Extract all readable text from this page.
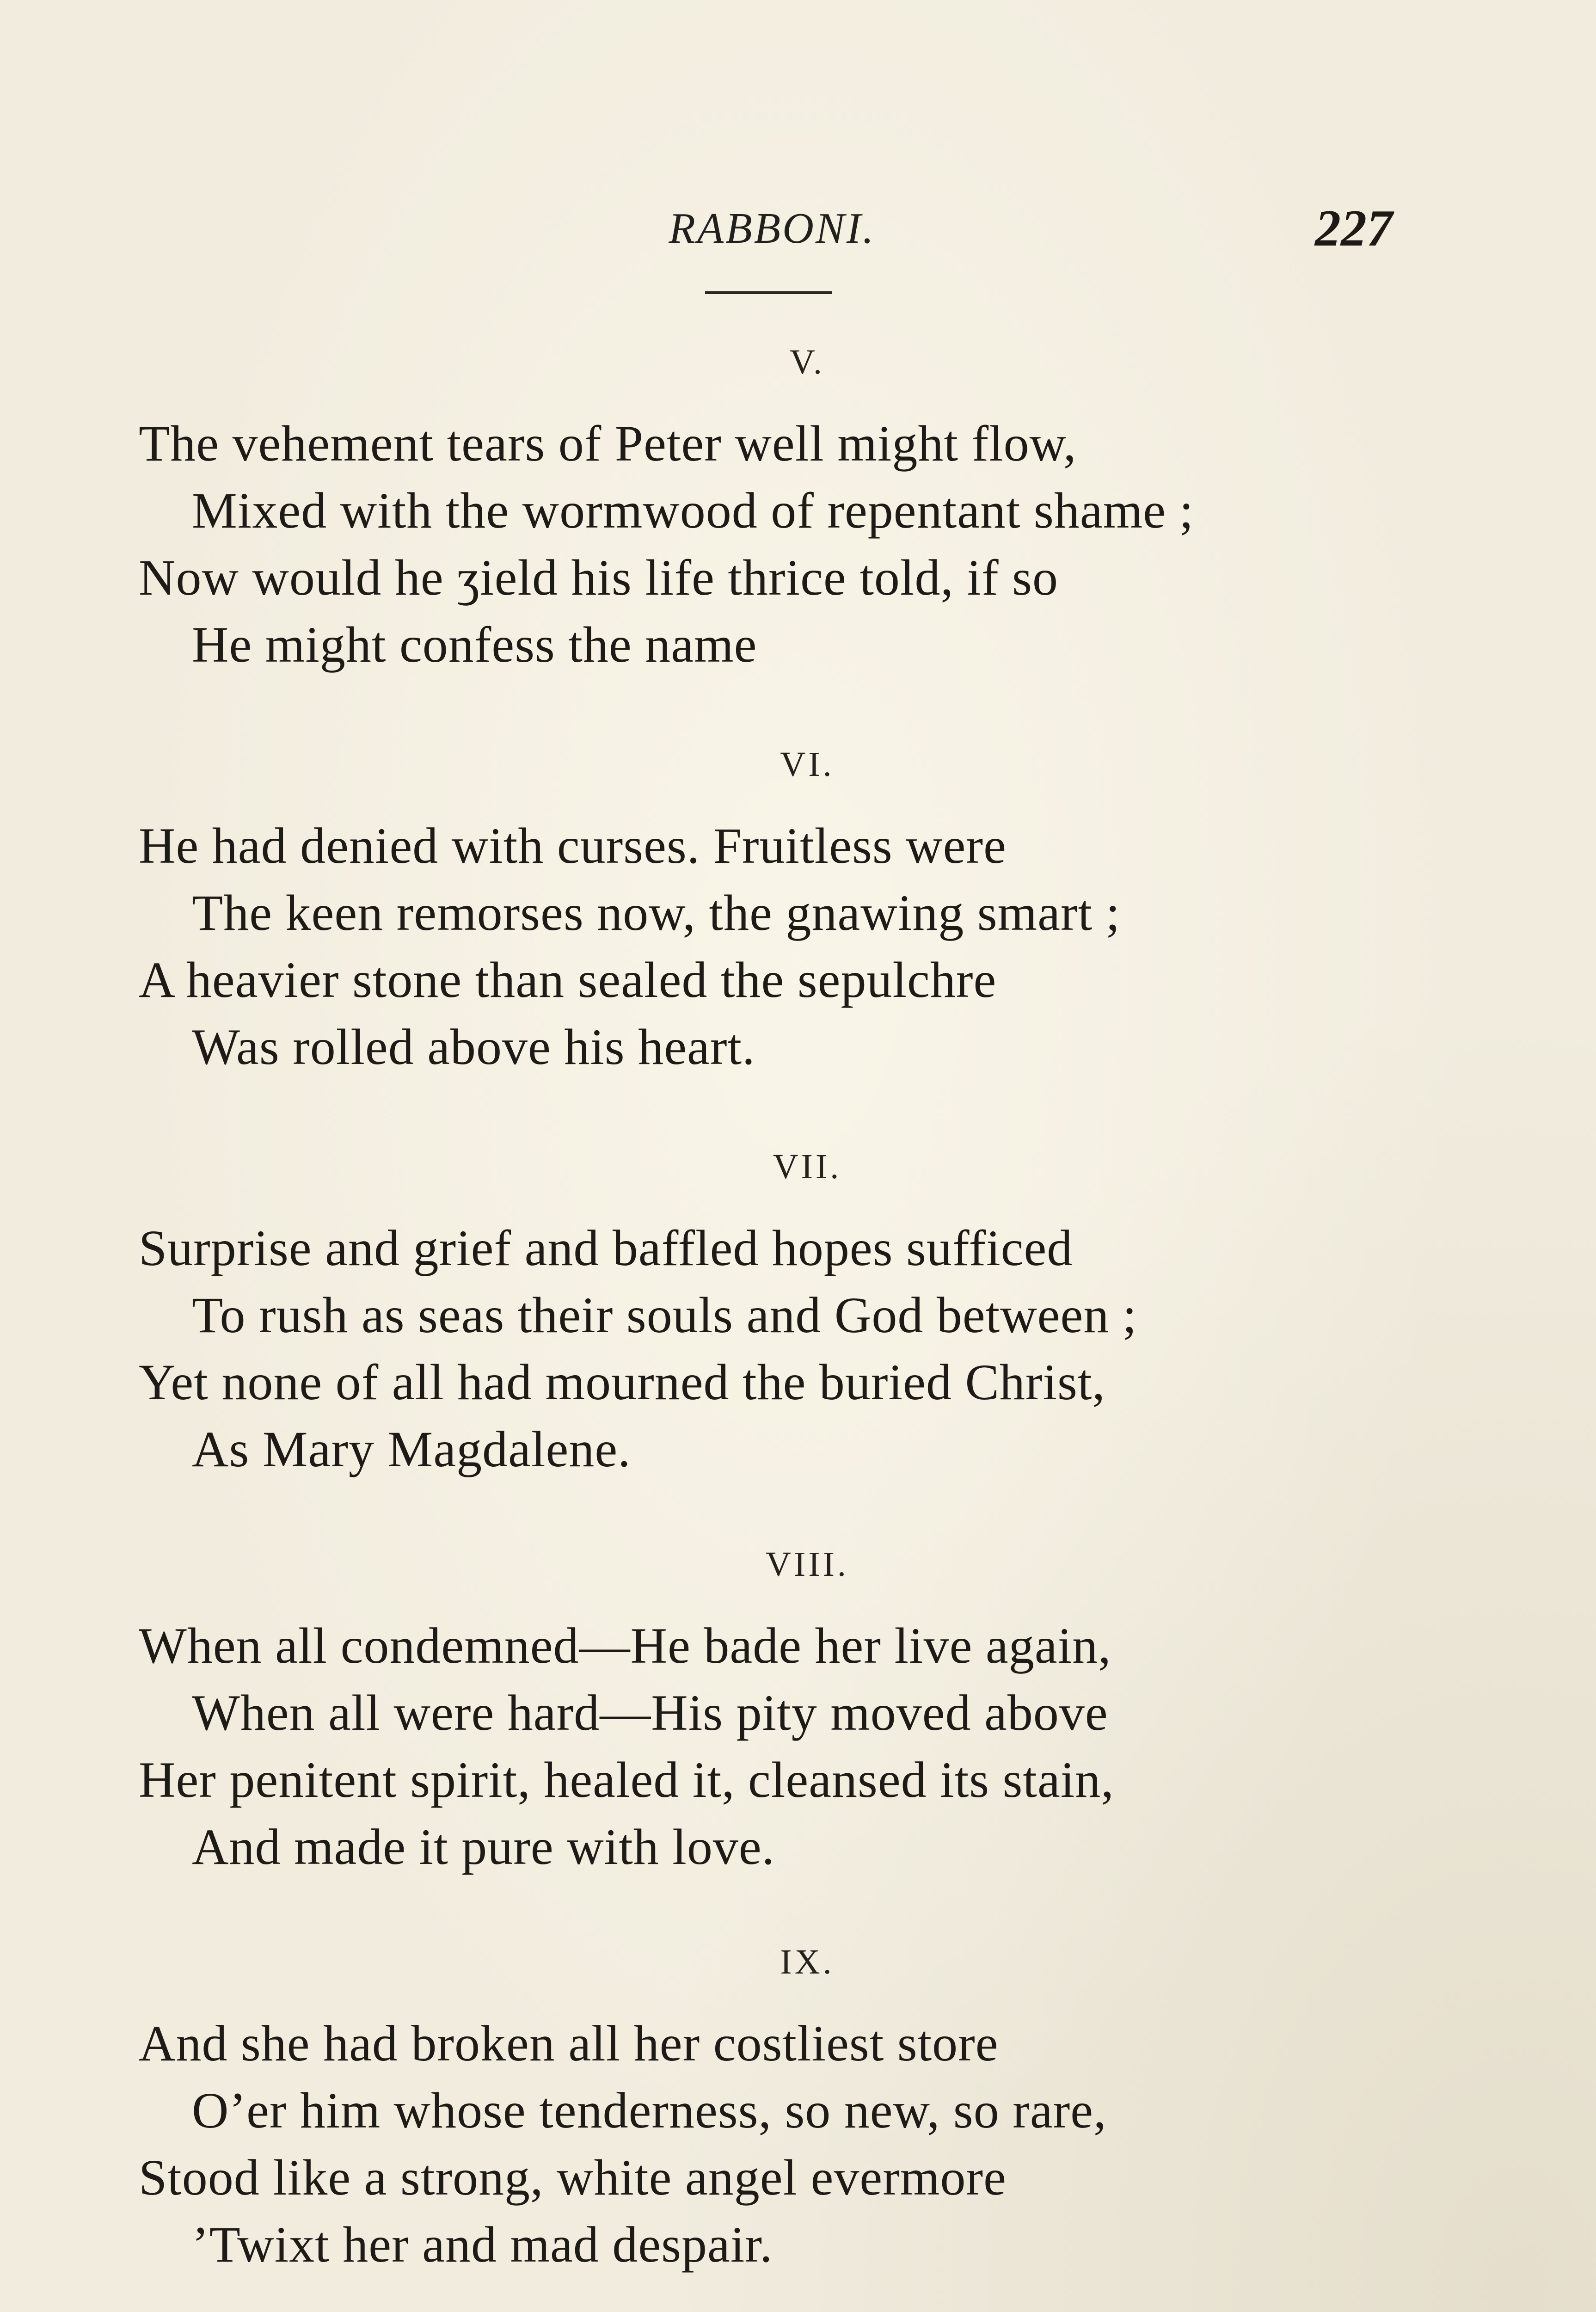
RABBONI.	227
V.
The vehement tears of Peter well might flow,
Mixed with the wormwood of repentant shame ;
Now would he ʒield his life thrice told, if so
He might confess the name
VI.
He had denied with curses. Fruitless were
The keen remorses now, the gnawing smart ;
A heavier stone than sealed the sepulchre
Was rolled above his heart.
VII.
Surprise and grief and baffled hopes sufficed
To rush as seas their souls and God between ;
Yet none of all had mourned the buried Christ,
As Mary Magdalene.
VIII.
When all condemned—He bade her live again,
When all were hard—His pity moved above
Her penitent spirit, healed it, cleansed its stain,
And made it pure with love.
IX.
And she had broken all her costliest store
O’er him whose tenderness, so new, so rare,
Stood like a strong, white angel evermore
’Twixt her and mad despair.
